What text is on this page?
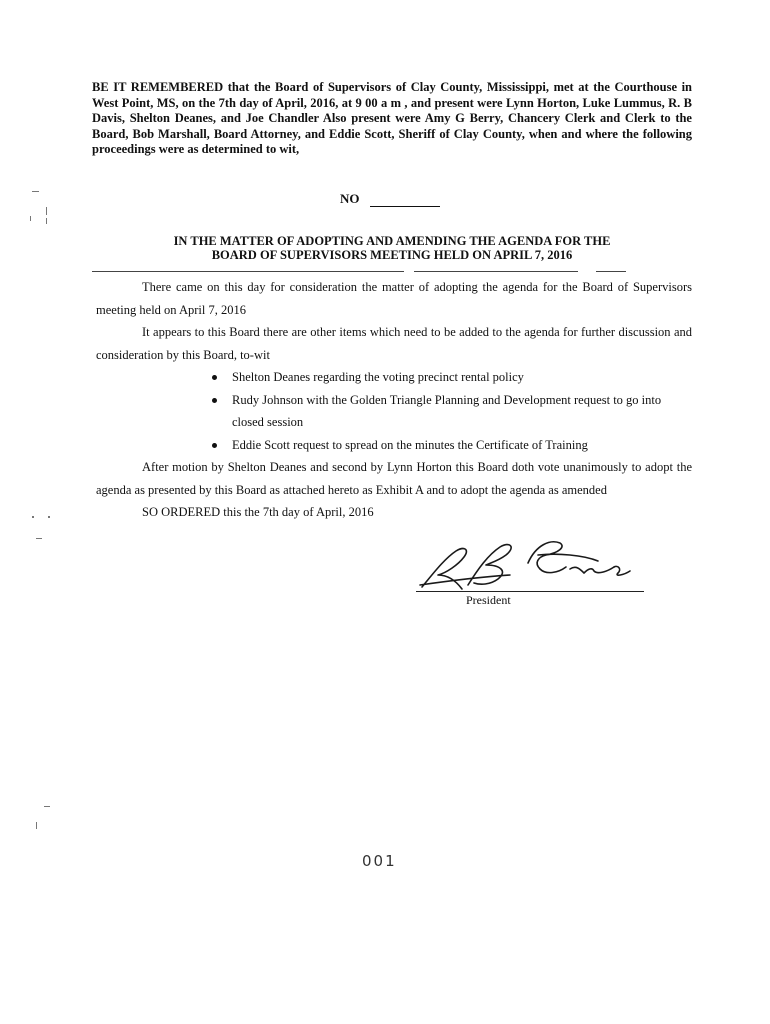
BE IT REMEMBERED that the Board of Supervisors of Clay County, Mississippi, met at the Courthouse in West Point, MS, on the 7th day of April, 2016, at 9 00 a m , and present were Lynn Horton, Luke Lummus, R. B Davis, Shelton Deanes, and Joe Chandler Also present were Amy G Berry, Chancery Clerk and Clerk to the Board, Bob Marshall, Board Attorney, and Eddie Scott, Sheriff of Clay County, when and where the following proceedings were as determined to wit,
NO
IN THE MATTER OF ADOPTING AND AMENDING THE AGENDA FOR THE
BOARD OF SUPERVISORS MEETING HELD ON APRIL 7, 2016

There came on this day for consideration the matter of adopting the agenda for the Board of Supervisors meeting held on April 7, 2016

It appears to this Board there are other items which need to be added to the agenda for further discussion and consideration by this Board, to-wit

Shelton Deanes regarding the voting precinct rental policy
Rudy Johnson with the Golden Triangle Planning and Development request to go into closed session
Eddie Scott request to spread on the minutes the Certificate of Training

After motion by Shelton Deanes and second by Lynn Horton this Board doth vote unanimously to adopt the agenda as presented by this Board as attached hereto as Exhibit A and to adopt the agenda as amended

SO ORDERED this the 7th day of April, 2016

President
001
